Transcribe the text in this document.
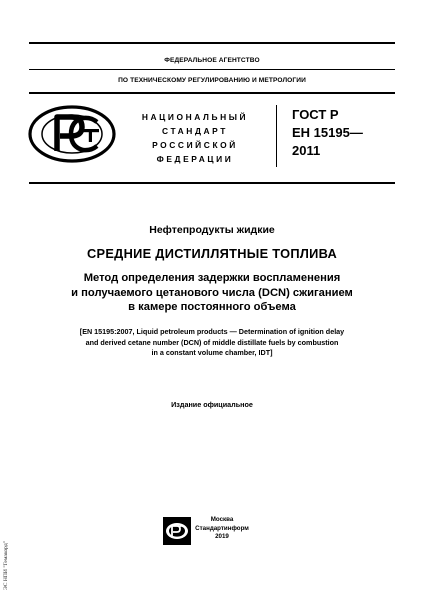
ФЕДЕРАЛЬНОЕ АГЕНТСТВО
ПО ТЕХНИЧЕСКОМУ РЕГУЛИРОВАНИЮ И МЕТРОЛОГИИ
НАЦИОНАЛЬНЫЙ
СТАНДАРТ
РОССИЙСКОЙ
ФЕДЕРАЦИИ
ГОСТ Р
ЕН 15195—
2011
Нефтепродукты жидкие
СРЕДНИЕ ДИСТИЛЛЯТНЫЕ ТОПЛИВА
Метод определения задержки воспламенения
и получаемого цетанового числа (DCN) сжиганием
в камере постоянного объема
[EN 15195:2007, Liquid petroleum products — Determination of ignition delay
and derived cetane number (DCN) of middle distillate fuels by combustion
in a constant volume chamber, IDT]
Издание официальное
Москва
Стандартинформ
2019
ЭС НПИ "Гемакорд"
